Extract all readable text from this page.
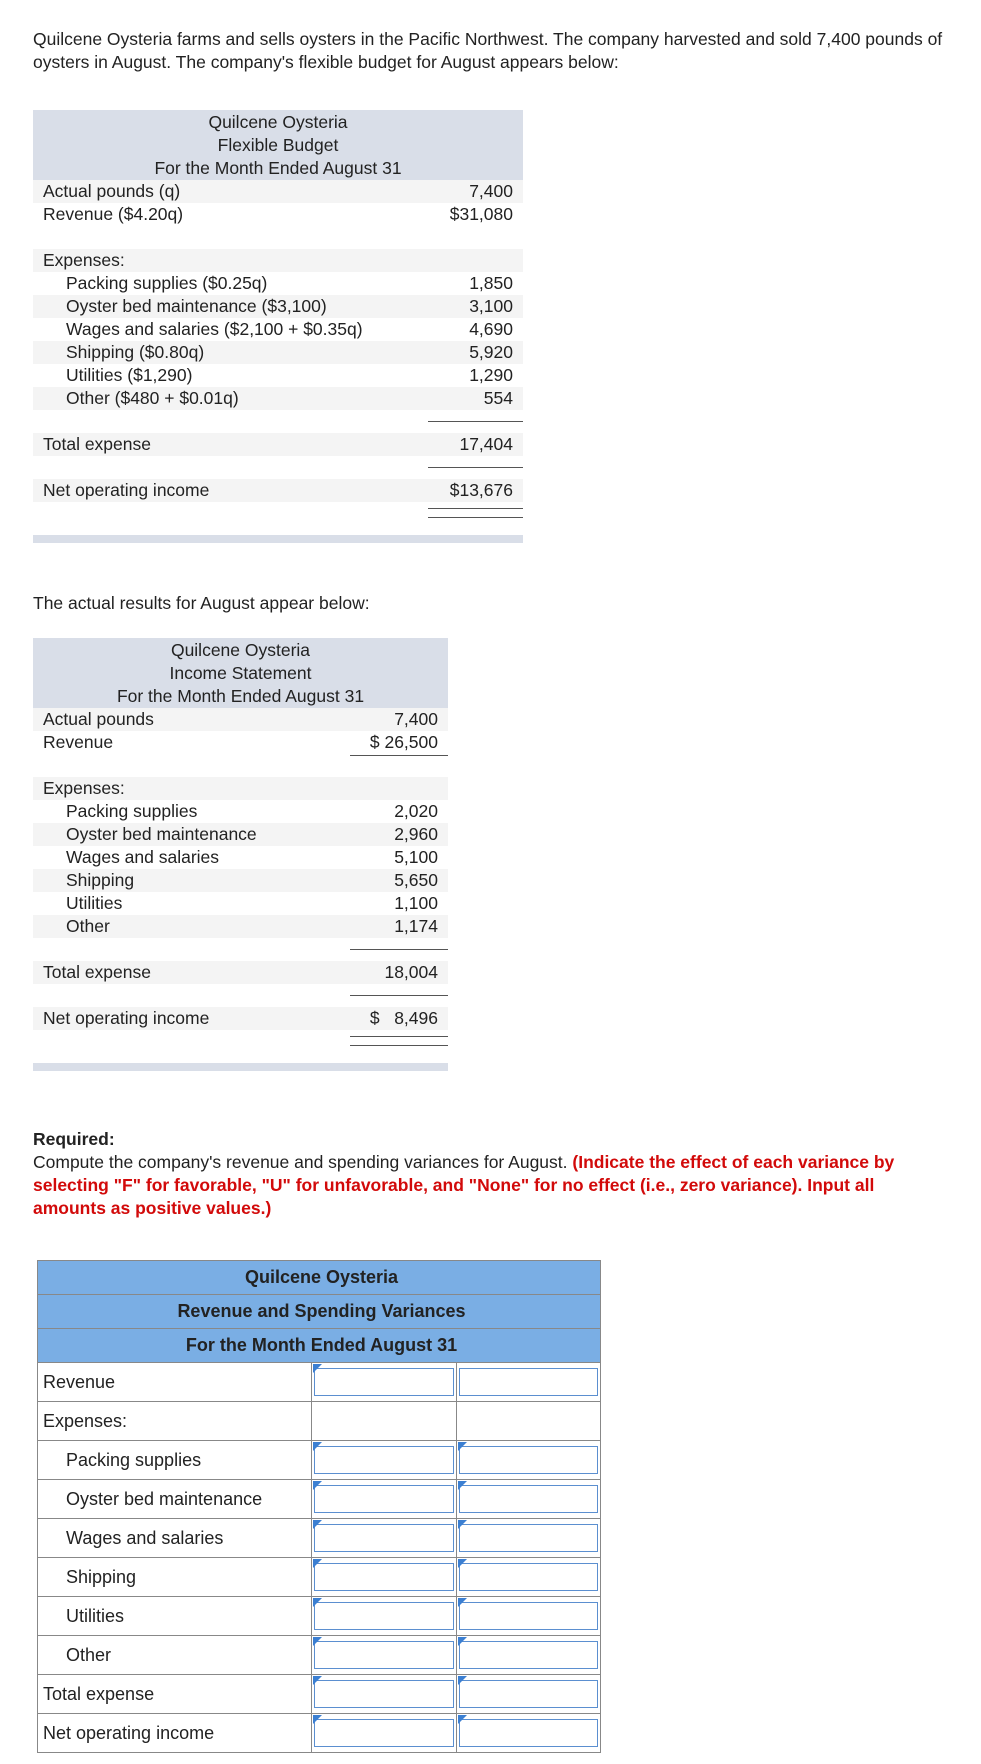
Quilcene Oysteria farms and sells oysters in the Pacific Northwest. The company harvested and sold 7,400 pounds of oysters in August. The company's flexible budget for August appears below:
Quilcene Oysteria
Flexible Budget
For the Month Ended August 31
Actual pounds (q)	7,400
Revenue ($4.20q)	$31,080
Expenses:
Packing supplies ($0.25q)	1,850
Oyster bed maintenance ($3,100)	3,100
Wages and salaries ($2,100 + $0.35q)	4,690
Shipping ($0.80q)	5,920
Utilities ($1,290)	1,290
Other ($480 + $0.01q)	554
Total expense	17,404
Net operating income	$13,676
The actual results for August appear below:
Quilcene Oysteria
Income Statement
For the Month Ended August 31
Actual pounds	7,400
Revenue	$ 26,500
Expenses:
Packing supplies	2,020
Oyster bed maintenance	2,960
Wages and salaries	5,100
Shipping	5,650
Utilities	1,100
Other	1,174
Total expense	18,004
Net operating income	$   8,496
Required:
Compute the company's revenue and spending variances for August. (Indicate the effect of each variance by selecting "F" for favorable, "U" for unfavorable, and "None" for no effect (i.e., zero variance). Input all amounts as positive values.)
Quilcene Oysteria		
Revenue and Spending Variances		
For the Month Ended August 31		
Revenue	

Expenses:		
Packing supplies	

Oyster bed maintenance	

Wages and salaries	

Shipping	

Utilities	

Other	

Total expense	

Net operating income	
